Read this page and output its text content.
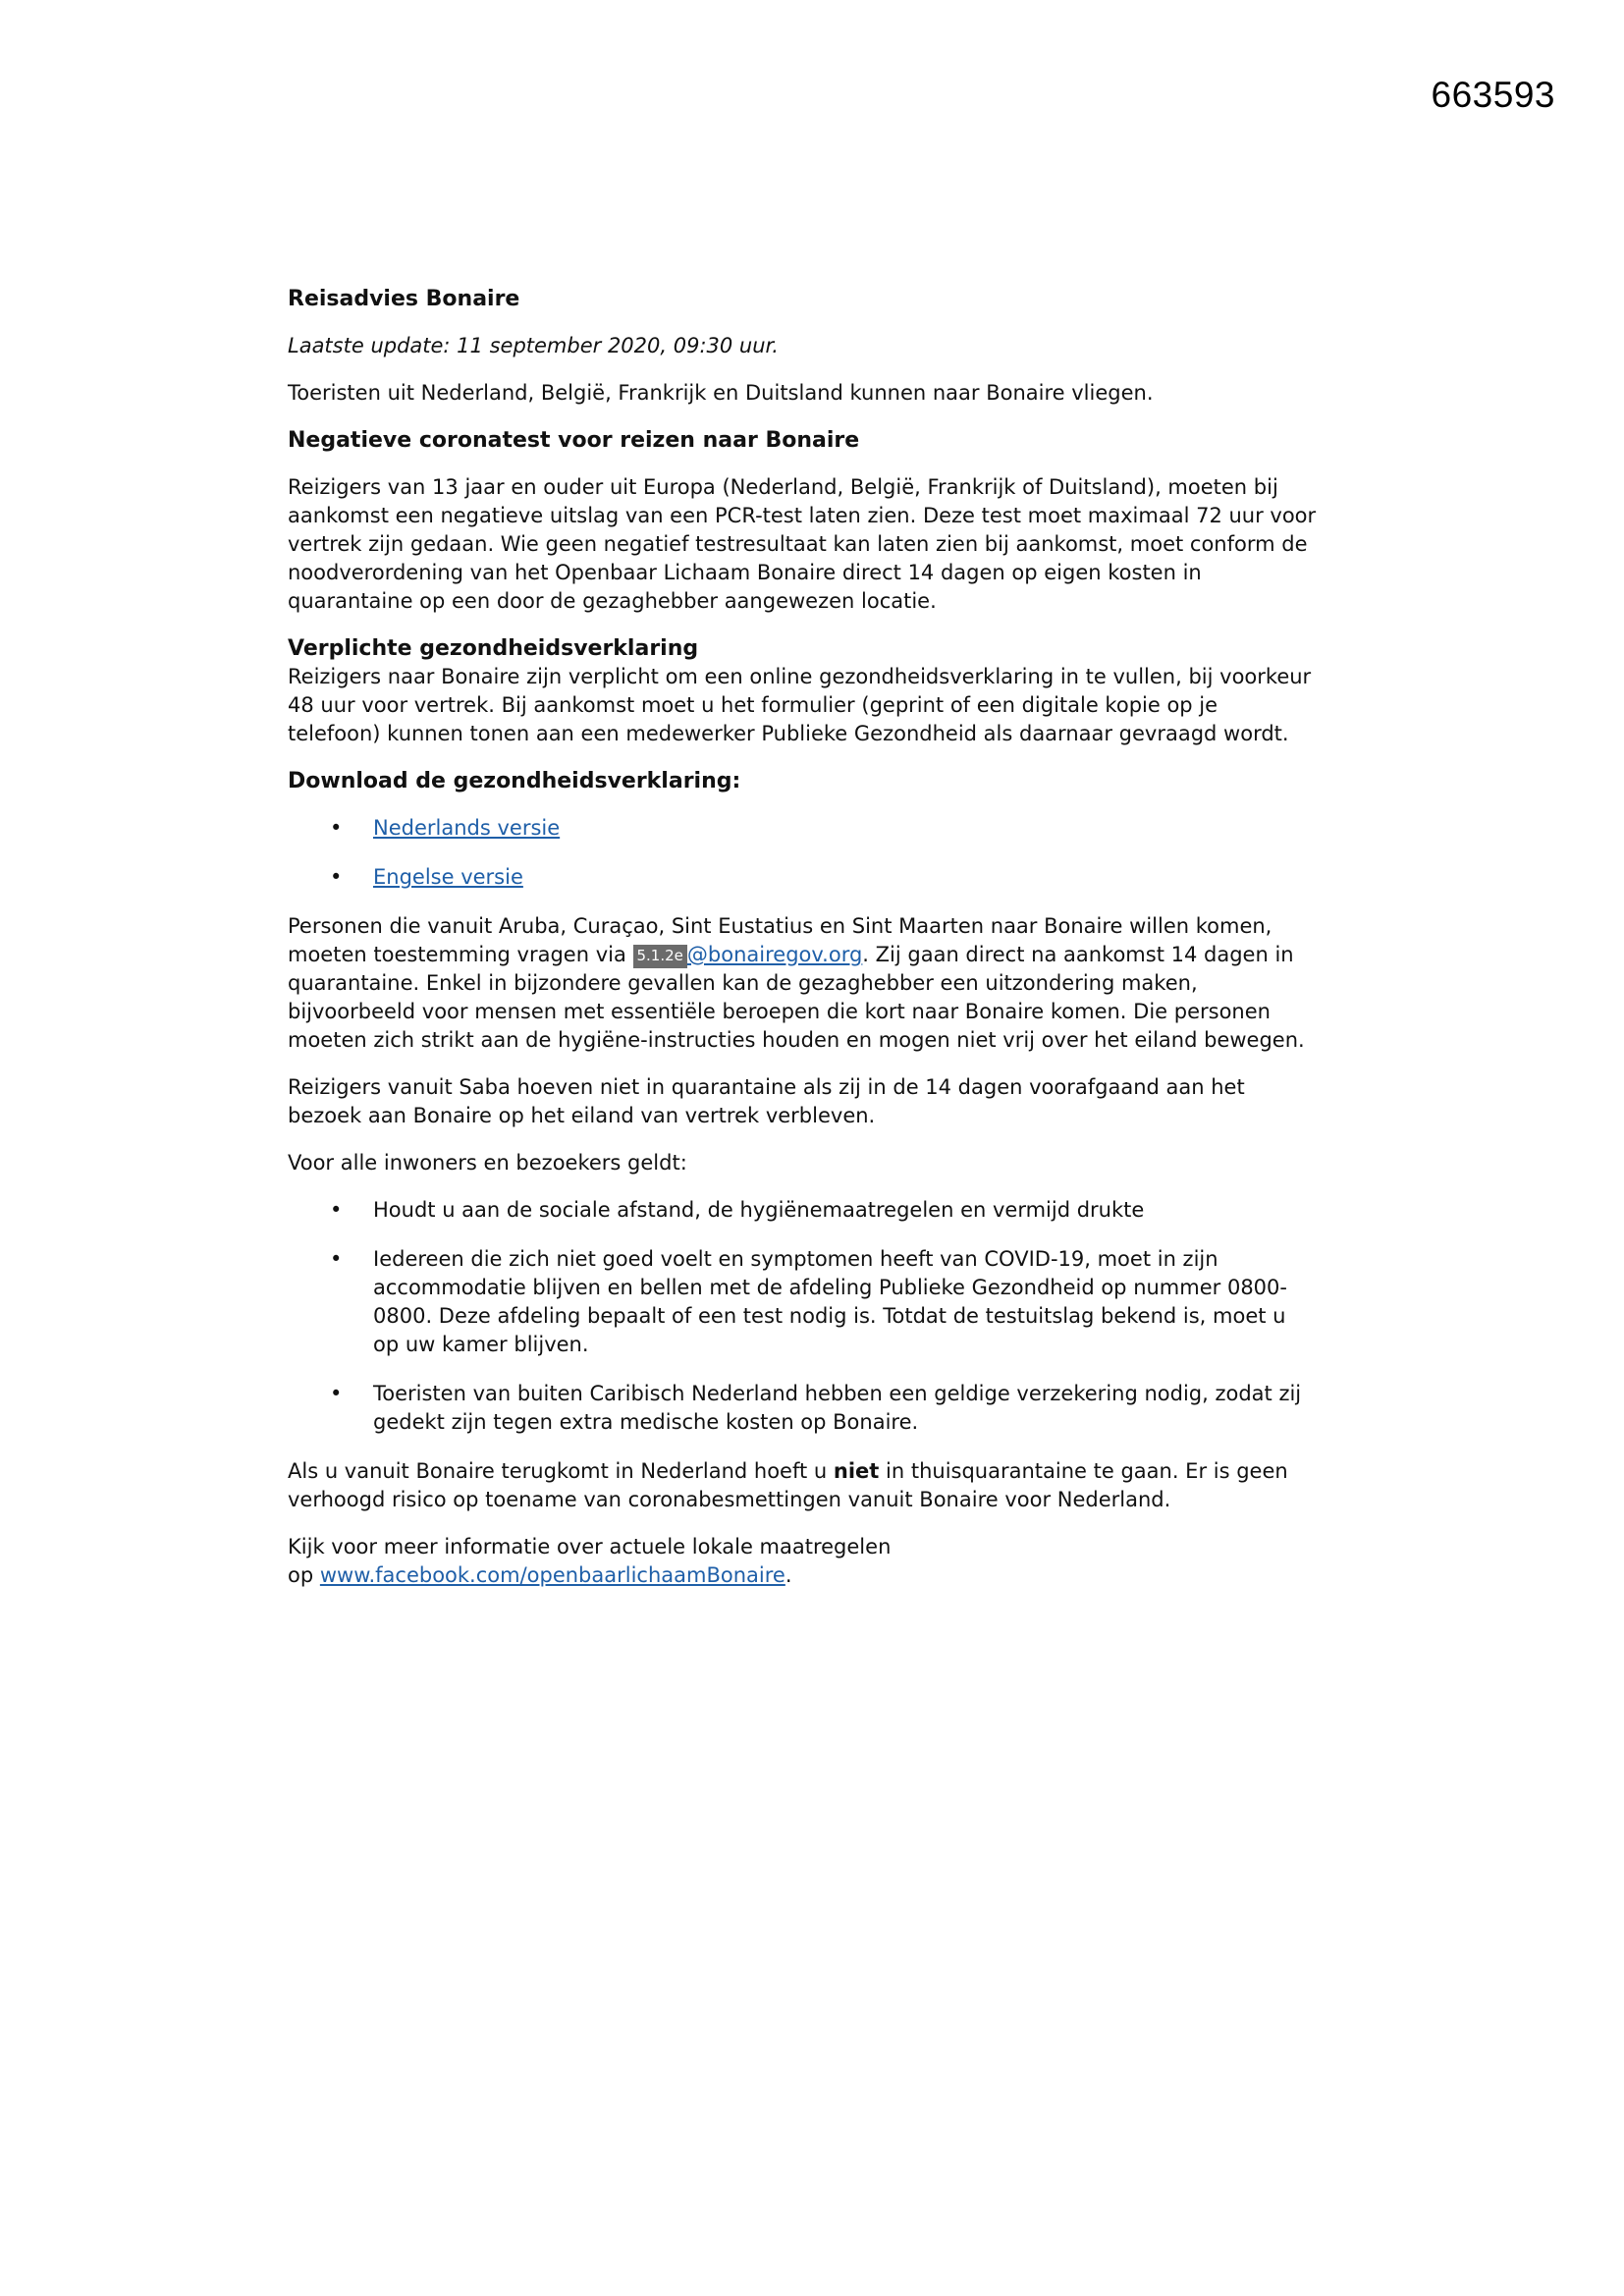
663593

Reisadvies Bonaire

Laatste update: 11 september 2020, 09:30 uur.

Toeristen uit Nederland, België, Frankrijk en Duitsland kunnen naar Bonaire vliegen.

Negatieve coronatest voor reizen naar Bonaire

Reizigers van 13 jaar en ouder uit Europa (Nederland, België, Frankrijk of Duitsland), moeten bij
aankomst een negatieve uitslag van een PCR-test laten zien. Deze test moet maximaal 72 uur voor
vertrek zijn gedaan. Wie geen negatief testresultaat kan laten zien bij aankomst, moet conform de
noodverordening van het Openbaar Lichaam Bonaire direct 14 dagen op eigen kosten in
quarantaine op een door de gezaghebber aangewezen locatie.

Verplichte gezondheidsverklaring

Reizigers naar Bonaire zijn verplicht om een online gezondheidsverklaring in te vullen, bij voorkeur
48 uur voor vertrek. Bij aankomst moet u het formulier (geprint of een digitale kopie op je
telefoon) kunnen tonen aan een medewerker Publieke Gezondheid als daarnaar gevraagd wordt.

Download de gezondheidsverklaring:

• Nederlands versie
• Engelse versie

Personen die vanuit Aruba, Curaçao, Sint Eustatius en Sint Maarten naar Bonaire willen komen,
moeten toestemming vragen via 5.1.2e @bonairegov.org. Zij gaan direct na aankomst 14 dagen in
quarantaine. Enkel in bijzondere gevallen kan de gezaghebber een uitzondering maken,
bijvoorbeeld voor mensen met essentiële beroepen die kort naar Bonaire komen. Die personen
moeten zich strikt aan de hygiëne-instructies houden en mogen niet vrij over het eiland bewegen.

Reizigers vanuit Saba hoeven niet in quarantaine als zij in de 14 dagen voorafgaand aan het
bezoek aan Bonaire op het eiland van vertrek verbleven.

Voor alle inwoners en bezoekers geldt:

• Houdt u aan de sociale afstand, de hygiënemaatregelen en vermijd drukte
• Iedereen die zich niet goed voelt en symptomen heeft van COVID-19, moet in zijn
accommodatie blijven en bellen met de afdeling Publieke Gezondheid op nummer 0800-
0800. Deze afdeling bepaalt of een test nodig is. Totdat de testuitslag bekend is, moet u
op uw kamer blijven.
• Toeristen van buiten Caribisch Nederland hebben een geldige verzekering nodig, zodat zij
gedekt zijn tegen extra medische kosten op Bonaire.

Als u vanuit Bonaire terugkomt in Nederland hoeft u niet in thuisquarantaine te gaan. Er is geen
verhoogd risico op toename van coronabesmettingen vanuit Bonaire voor Nederland.

Kijk voor meer informatie over actuele lokale maatregelen
op www.facebook.com/openbaarlichaamBonaire.
